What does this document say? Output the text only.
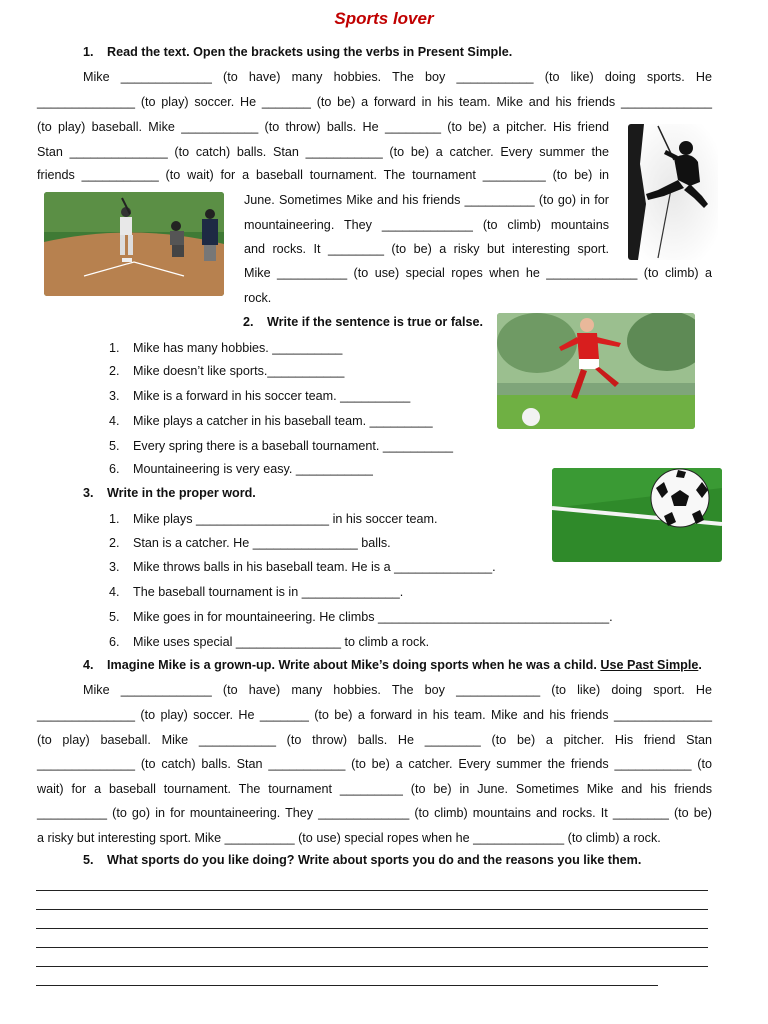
Sports lover
1. Read the text. Open the brackets using the verbs in Present Simple.
Mike _____________ (to have) many hobbies. The boy ___________ (to like) doing sports. He
______________ (to play) soccer. He _______ (to be) a forward in his team. Mike and his friends _____________
(to play) baseball. Mike ___________ (to throw) balls. He ________ (to be) a pitcher. His friend
Stan ______________ (to catch) balls. Stan ___________ (to be) a catcher. Every summer the
friends ___________ (to wait) for a baseball tournament. The tournament _________ (to be) in
June. Sometimes Mike and his friends __________ (to go) in for
mountaineering. They _____________ (to climb) mountains
and rocks. It ________ (to be) a risky but interesting sport.
Mike __________ (to use) special ropes when he _____________ (to climb) a
rock.
2. Write if the sentence is true or false.
1. Mike has many hobbies. __________
2. Mike doesn’t like sports.___________
3. Mike is a forward in his soccer team. __________
4. Mike plays a catcher in his baseball team. _________
5. Every spring there is a baseball tournament. __________
6. Mountaineering is very easy. ___________
3. Write in the proper word.
1. Mike plays ___________________ in his soccer team.
2. Stan is a catcher. He _______________ balls.
3. Mike throws balls in his baseball team. He is a ______________.
4. The baseball tournament is in ______________.
5. Mike goes in for mountaineering. He climbs _________________________________.
6. Mike uses special _______________ to climb a rock.
4. Imagine Mike is a grown-up. Write about Mike’s doing sports when he was a child. Use Past Simple.
Mike _____________ (to have) many hobbies. The boy ____________ (to like) doing sport. He
______________ (to play) soccer. He _______ (to be) a forward in his team. Mike and his friends ______________
(to play) baseball. Mike ___________ (to throw) balls. He ________ (to be) a pitcher. His friend Stan
______________ (to catch) balls. Stan ___________ (to be) a catcher. Every summer the friends ___________ (to
wait) for a baseball tournament. The tournament _________ (to be) in June. Sometimes Mike and his friends
__________ (to go) in for mountaineering. They _____________ (to climb) mountains and rocks. It ________ (to be)
a risky but interesting sport. Mike __________ (to use) special ropes when he _____________ (to climb) a rock.
5. What sports do you like doing? Write about sports you do and the reasons you like them.
